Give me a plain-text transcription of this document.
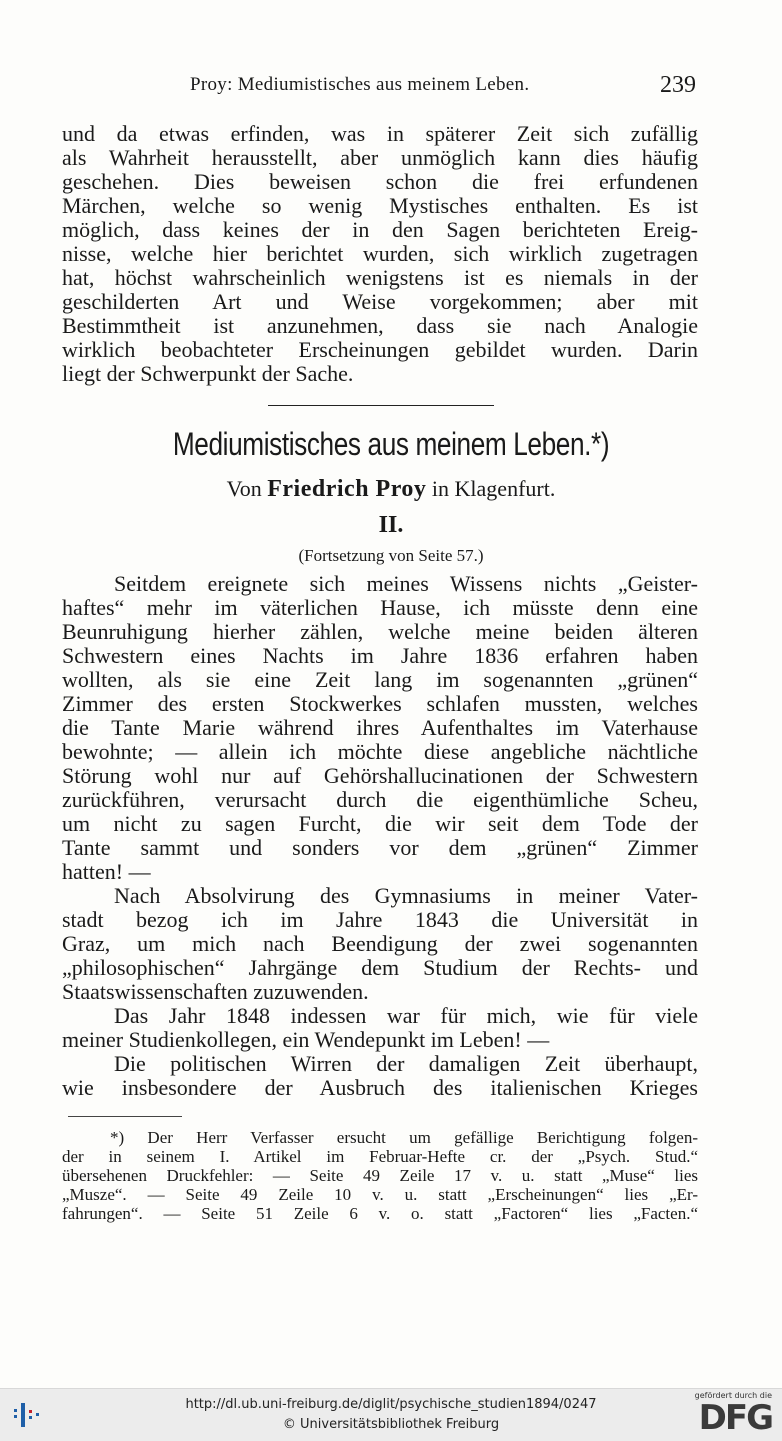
Proy: Mediumistisches aus meinem Leben.	239
und da etwas erfinden, was in späterer Zeit sich zufällig
als Wahrheit herausstellt, aber unmöglich kann dies häufig
geschehen. Dies beweisen schon die frei erfundenen
Märchen, welche so wenig Mystisches enthalten. Es ist
möglich, dass keines der in den Sagen berichteten Ereig-
nisse, welche hier berichtet wurden, sich wirklich zugetragen
hat, höchst wahrscheinlich wenigstens ist es niemals in der
geschilderten Art und Weise vorgekommen; aber mit
Bestimmtheit ist anzunehmen, dass sie nach Analogie
wirklich beobachteter Erscheinungen gebildet wurden. Darin
liegt der Schwerpunkt der Sache.
Mediumistisches aus meinem Leben.*)
Von Friedrich Proy in Klagenfurt.
II.
(Fortsetzung von Seite 57.)
Seitdem ereignete sich meines Wissens nichts „Geister-
haftes“ mehr im väterlichen Hause, ich müsste denn eine
Beunruhigung hierher zählen, welche meine beiden älteren
Schwestern eines Nachts im Jahre 1836 erfahren haben
wollten, als sie eine Zeit lang im sogenannten „grünen“
Zimmer des ersten Stockwerkes schlafen mussten, welches
die Tante Marie während ihres Aufenthaltes im Vaterhause
bewohnte; — allein ich möchte diese angebliche nächtliche
Störung wohl nur auf Gehörshallucinationen der Schwestern
zurückführen, verursacht durch die eigenthümliche Scheu,
um nicht zu sagen Furcht, die wir seit dem Tode der
Tante sammt und sonders vor dem „grünen“ Zimmer
hatten! —
Nach Absolvirung des Gymnasiums in meiner Vater-
stadt bezog ich im Jahre 1843 die Universität in
Graz, um mich nach Beendigung der zwei sogenannten
„philosophischen“ Jahrgänge dem Studium der Rechts- und
Staatswissenschaften zuzuwenden.
Das Jahr 1848 indessen war für mich, wie für viele
meiner Studienkollegen, ein Wendepunkt im Leben! —
Die politischen Wirren der damaligen Zeit überhaupt,
wie insbesondere der Ausbruch des italienischen Krieges
*) Der Herr Verfasser ersucht um gefällige Berichtigung folgen-
der in seinem I. Artikel im Februar-Hefte cr. der „Psych. Stud.“
übersehenen Druckfehler: — Seite 49 Zeile 17 v. u. statt „Muse“ lies
„Musze“. — Seite 49 Zeile 10 v. u. statt „Erscheinungen“ lies „Er-
fahrungen“. — Seite 51 Zeile 6 v. o. statt „Factoren“ lies „Facten.“
http://dl.ub.uni-freiburg.de/diglit/psychische_studien1894/0247
© Universitätsbibliothek Freiburg
gefördert durch die
DFG
